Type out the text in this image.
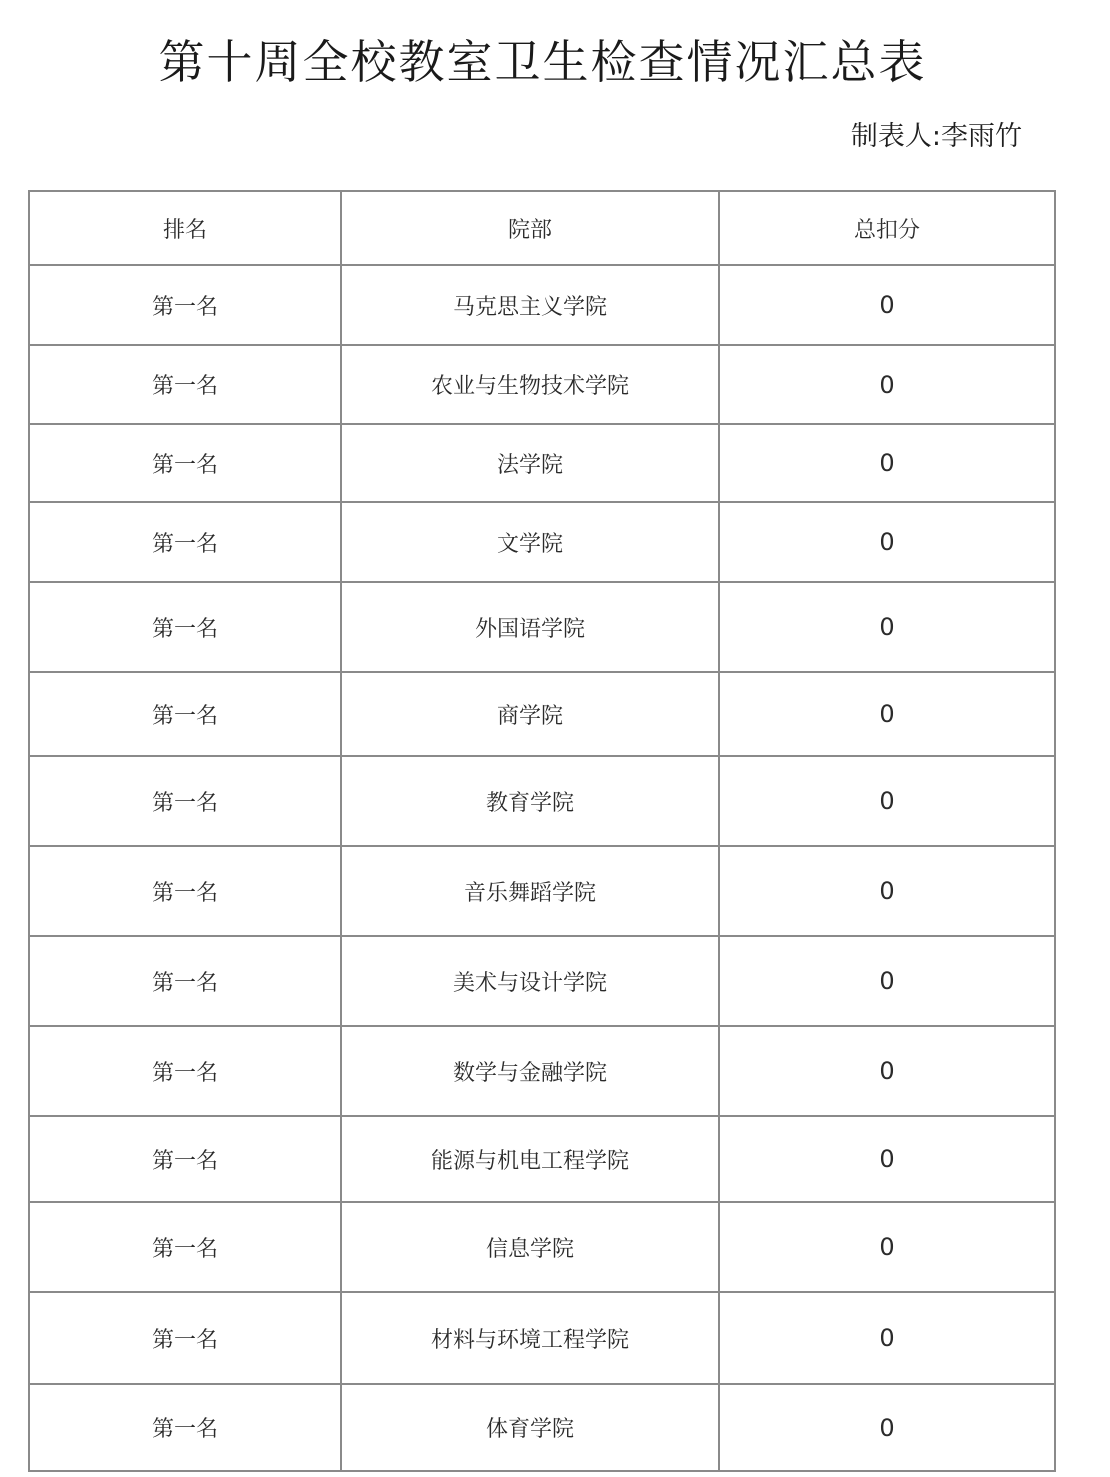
第十周全校教室卫生检查情况汇总表
制表人:李雨竹
排名	院部	总扣分
第一名	马克思主义学院	0
第一名	农业与生物技术学院	0
第一名	法学院	0
第一名	文学院	0
第一名	外国语学院	0
第一名	商学院	0
第一名	教育学院	0
第一名	音乐舞蹈学院	0
第一名	美术与设计学院	0
第一名	数学与金融学院	0
第一名	能源与机电工程学院	0
第一名	信息学院	0
第一名	材料与环境工程学院	0
第一名	体育学院	0
